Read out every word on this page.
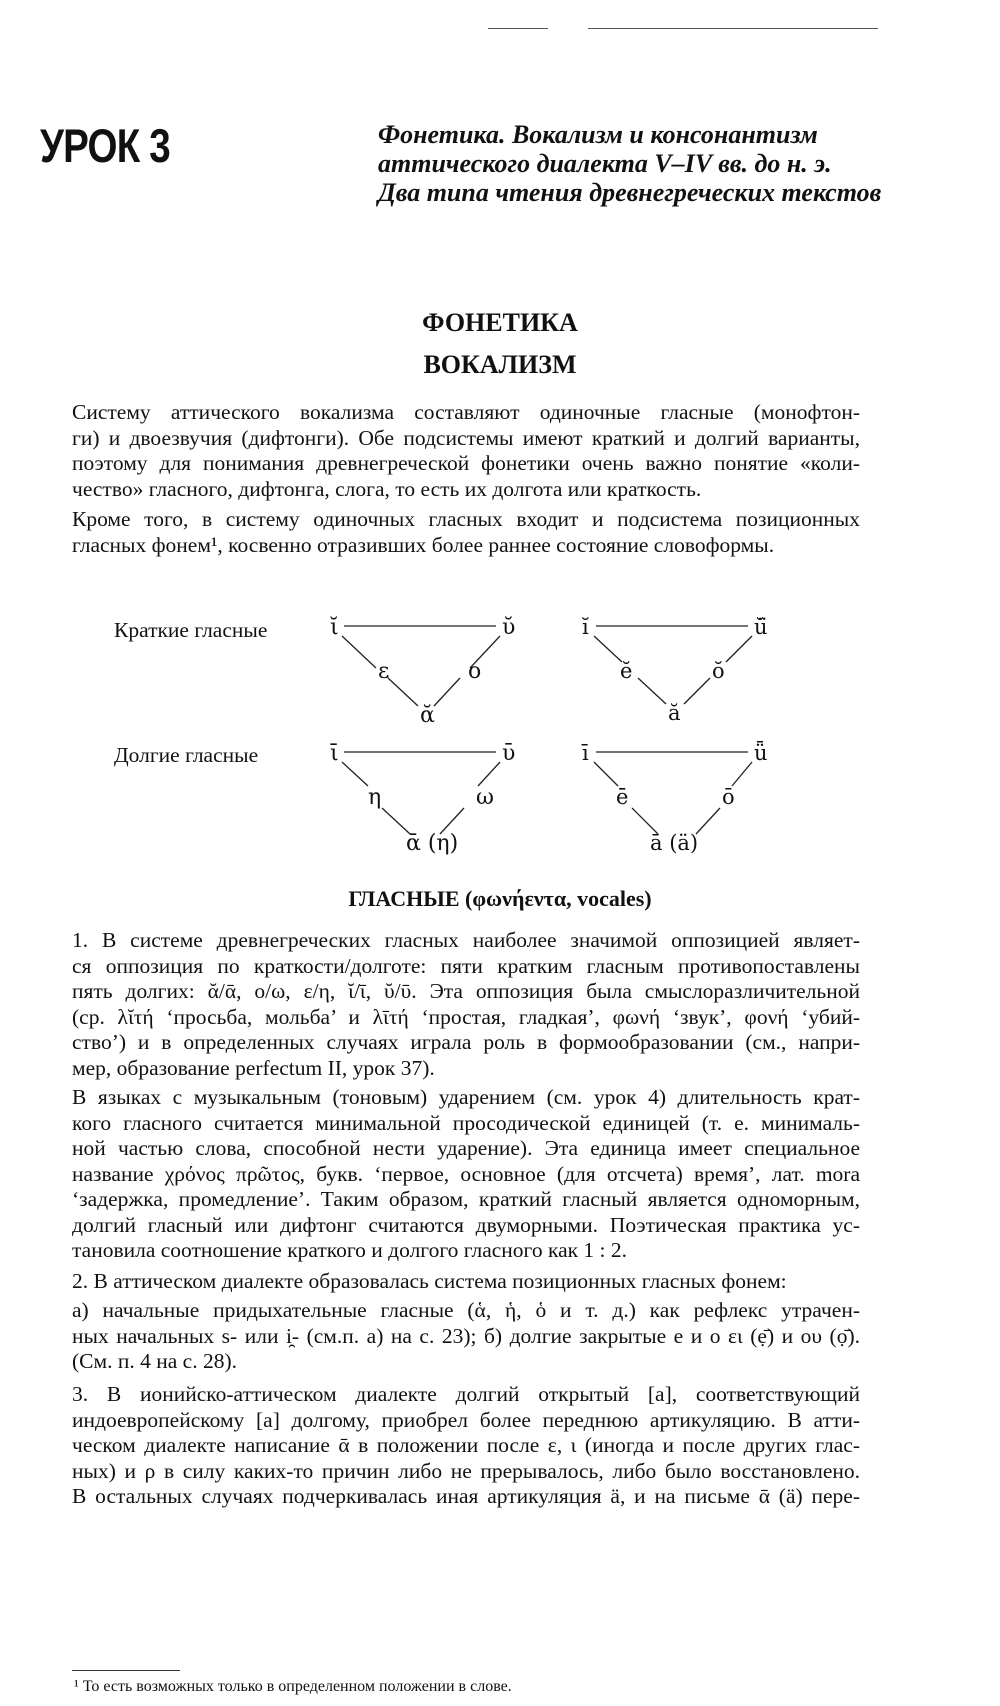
УРОК 3	Фонетика. Вокализм и консонантизм
аттического диалекта V–IV вв. до н. э.
Два типа чтения древнегреческих текстов
ФОНЕТИКА
ВОКАЛИЗМ
Систему аттического вокализма составляют одиночные гласные (монофтон-
ги) и двоезвучия (дифтонги). Обе подсистемы имеют краткий и долгий варианты,
поэтому для понимания древнегреческой фонетики очень важно понятие «коли-
чество» гласного, дифтонга, слога, то есть их долгота или краткость.
Кроме того, в систему одиночных гласных входит и подсистема позиционных
гласных фонем¹, косвенно отразивших более раннее состояние словоформы.
Краткие гласные
Долгие гласные
ῐ	ῠ
ε	ο
ᾰ
ĭ	ŭ̈
ĕ	ŏ
ă
ῑ	ῡ
η	ω
ᾱ (η)
ī	ǖ
ē	ō
ā (ä)
ГЛАСНЫЕ (φωνήεντα, vocales)
1. В системе древнегреческих гласных наиболее значимой оппозицией являет-
ся оппозиция по краткости/долготе: пяти кратким гласным противопоставлены
пять долгих: ᾰ/ᾱ, ο/ω, ε/η, ῐ/ῑ, ῠ/ῡ. Эта оппозиция была смыслоразличительной
(ср. λῐτή ‘просьба, мольба’ и λῑτή ‘простая, гладкая’, φωνή ‘звук’, φονή ‘убий-
ство’) и в определенных случаях играла роль в формообразовании (см., напри-
мер, образование perfectum II, урок 37).
В языках с музыкальным (тоновым) ударением (см. урок 4) длительность крат-
кого гласного считается минимальной просодической единицей (т. е. минималь-
ной частью слова, способной нести ударение). Эта единица имеет специальное
название χρόνος πρῶτος, букв. ‘первое, основное (для отсчета) время’, лат. mora
‘задержка, промедление’. Таким образом, краткий гласный является одноморным,
долгий гласный или дифтонг считаются двуморными. Поэтическая практика ус-
тановила соотношение краткого и долгого гласного как 1 : 2.
2. В аттическом диалекте образовалась система позиционных гласных фонем:
а) начальные придыхательные гласные (ἁ, ἡ, ὁ и т. д.) как рефлекс утрачен-
ных начальных s- или i̯- (см.п. а) на с. 23); б) долгие закрытые е и о ει (ẹ̄) и ου (ọ̄).
(См. п. 4 на с. 28).
3. В ионийско-аттическом диалекте долгий открытый [а], соответствующий
индоевропейскому [а] долгому, приобрел более переднюю артикуляцию. В атти-
ческом диалекте написание ᾱ в положении после ε, ι (иногда и после других глас-
ных) и ρ в силу каких-то причин либо не прерывалось, либо было восстановлено.
В остальных случаях подчеркивалась иная артикуляция ä, и на письме ᾱ (ä) пере-
¹ То есть возможных только в определенном положении в слове.
